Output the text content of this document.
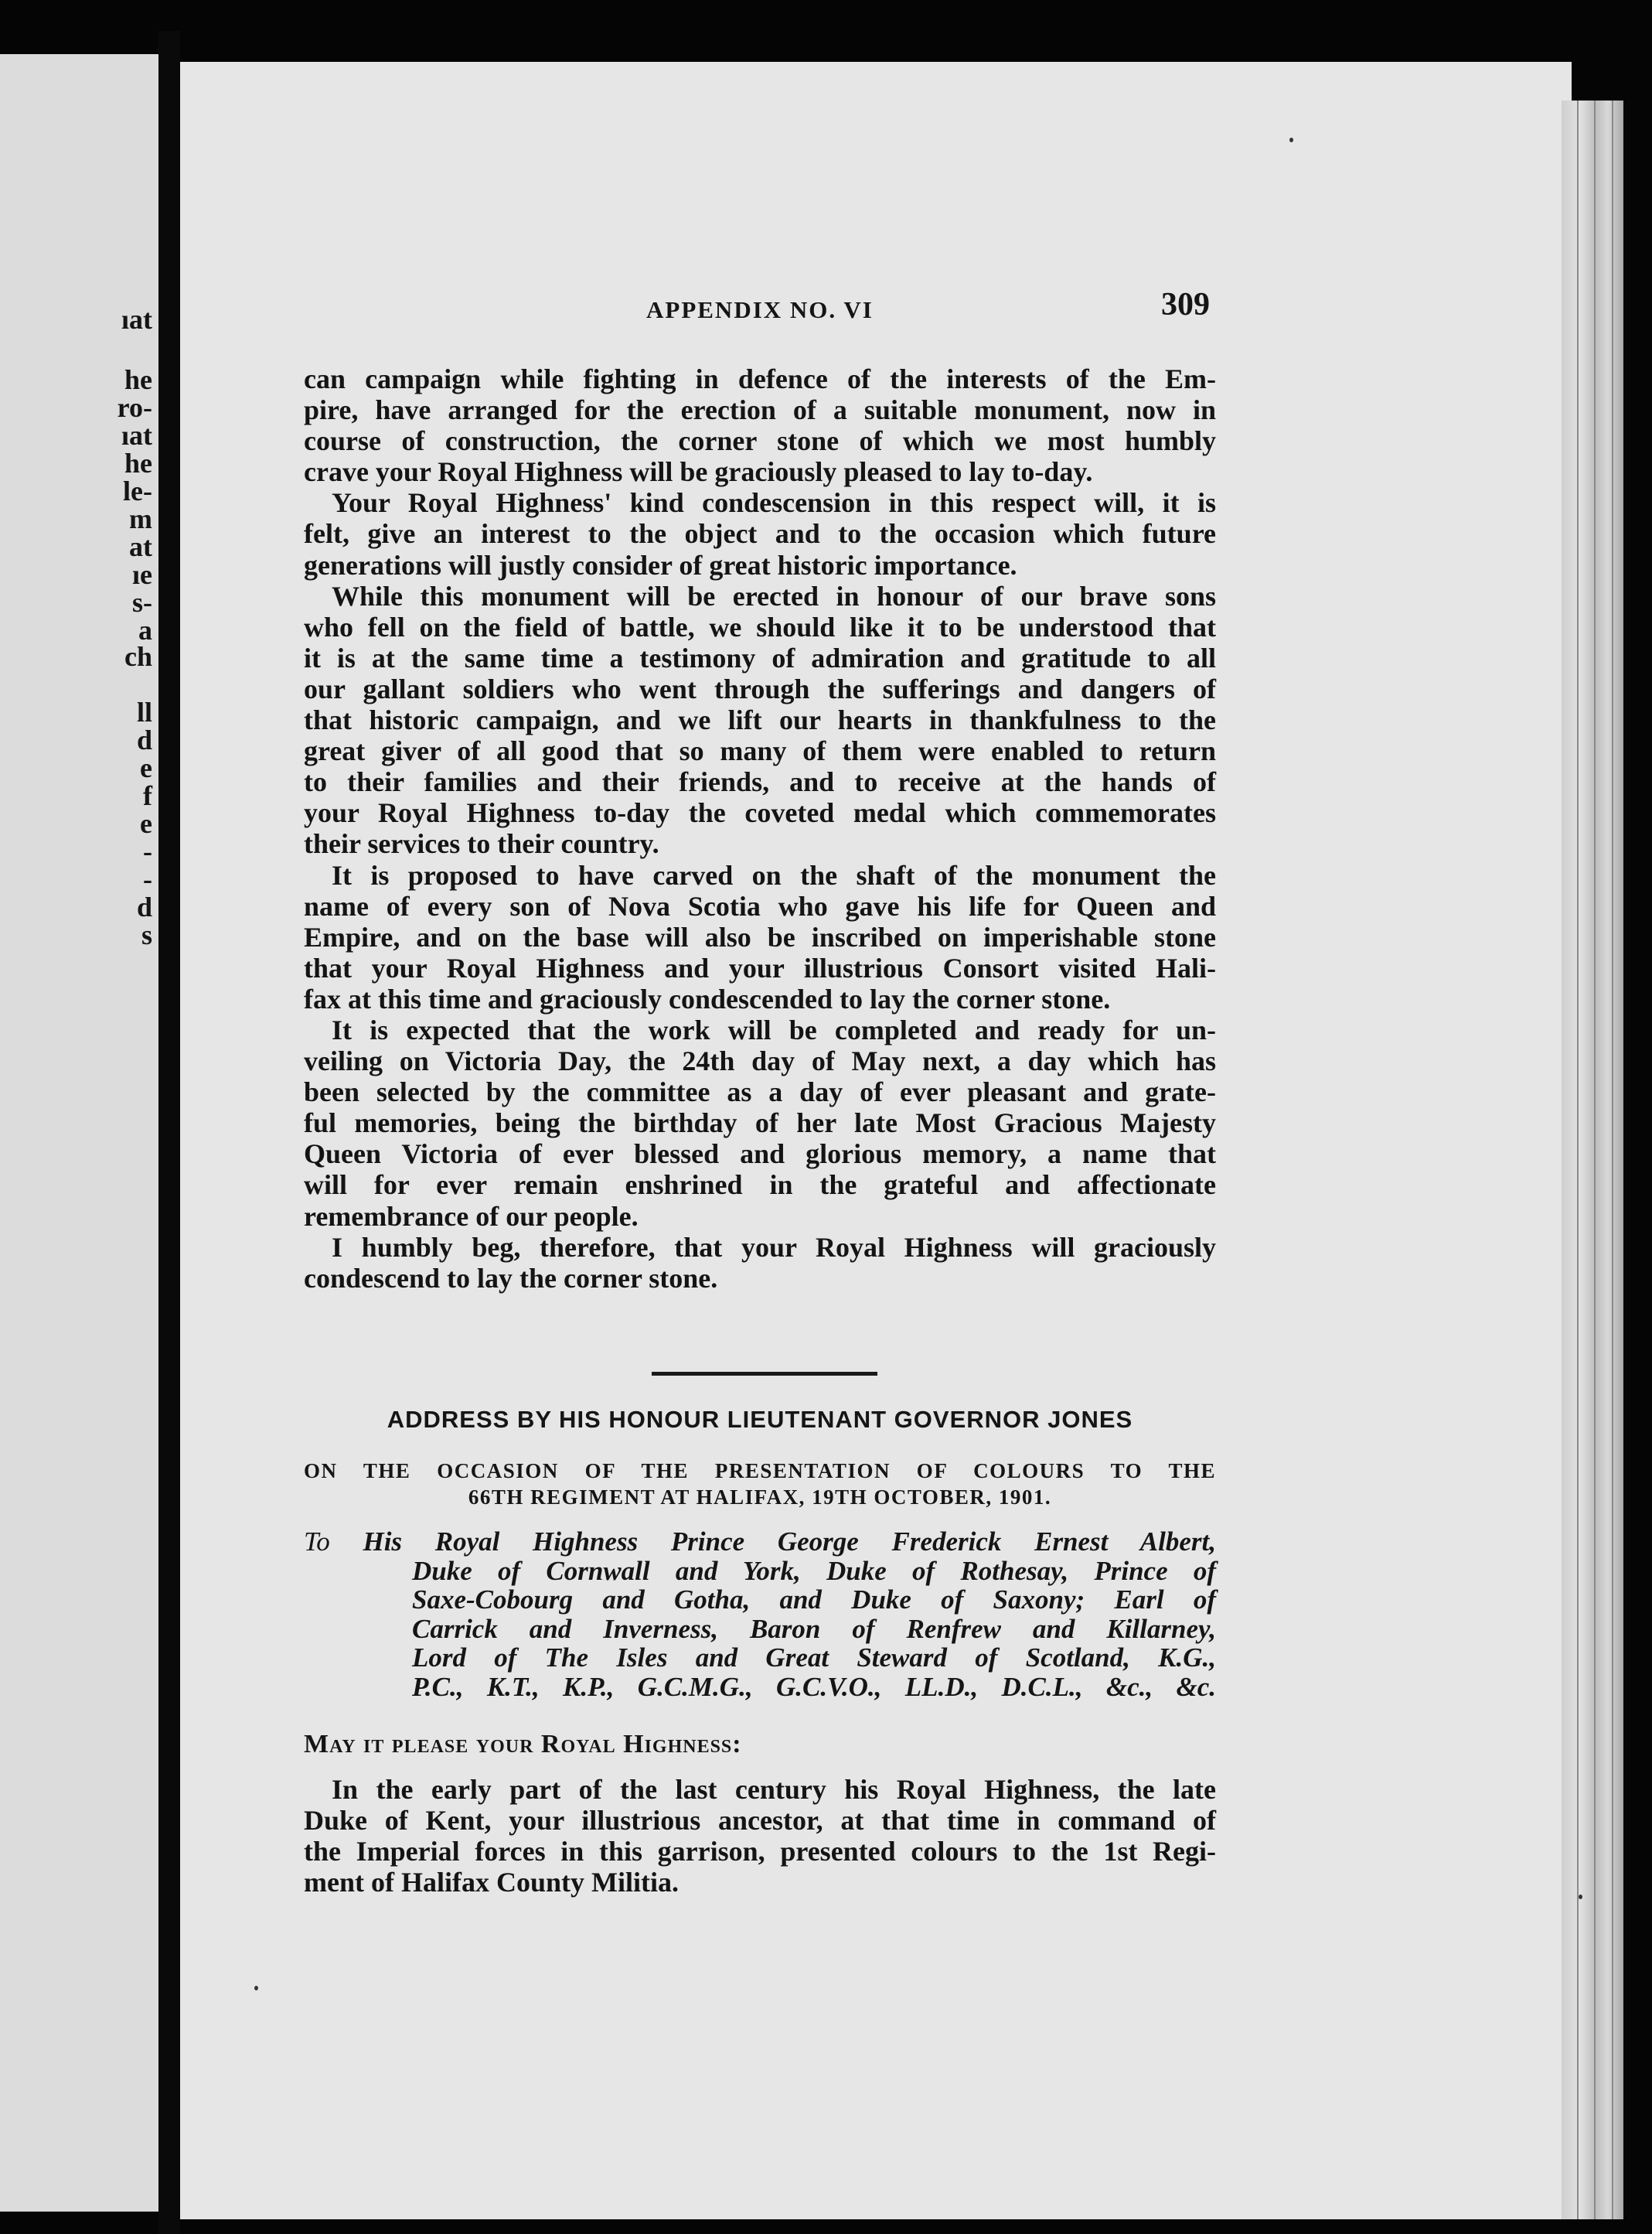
ıat
he
ro-
ıat
he
le-
m
at
ıe
s-
a
ch
ll
d
e
f
e
-
-
d
s
APPENDIX NO. VI	309

can campaign while fighting in defence of the interests of the Em-

pire, have arranged for the erection of a suitable monument, now in

course of construction, the corner stone of which we most humbly

crave your Royal Highness will be graciously pleased to lay to-day.

Your Royal Highness' kind condescension in this respect will, it is

felt, give an interest to the object and to the occasion which future

generations will justly consider of great historic importance.

While this monument will be erected in honour of our brave sons

who fell on the field of battle, we should like it to be understood that

it is at the same time a testimony of admiration and gratitude to all

our gallant soldiers who went through the sufferings and dangers of

that historic campaign, and we lift our hearts in thankfulness to the

great giver of all good that so many of them were enabled to return

to their families and their friends, and to receive at the hands of

your Royal Highness to-day the coveted medal which commemorates

their services to their country.

It is proposed to have carved on the shaft of the monument the

name of every son of Nova Scotia who gave his life for Queen and

Empire, and on the base will also be inscribed on imperishable stone

that your Royal Highness and your illustrious Consort visited Hali-

fax at this time and graciously condescended to lay the corner stone.

It is expected that the work will be completed and ready for un-

veiling on Victoria Day, the 24th day of May next, a day which has

been selected by the committee as a day of ever pleasant and grate-

ful memories, being the birthday of her late Most Gracious Majesty

Queen Victoria of ever blessed and glorious memory, a name that

will for ever remain enshrined in the grateful and affectionate

remembrance of our people.

I humbly beg, therefore, that your Royal Highness will graciously

condescend to lay the corner stone.

ADDRESS BY HIS HONOUR LIEUTENANT GOVERNOR JONES
ON THE OCCASION OF THE PRESENTATION OF COLOURS TO THE
66TH REGIMENT AT HALIFAX, 19TH OCTOBER, 1901.
To His Royal Highness Prince George Frederick Ernest Albert,
Duke of Cornwall and York, Duke of Rothesay, Prince of
Saxe-Cobourg and Gotha, and Duke of Saxony; Earl of
Carrick and Inverness, Baron of Renfrew and Killarney,
Lord of The Isles and Great Steward of Scotland, K.G.,
P.C., K.T., K.P., G.C.M.G., G.C.V.O., LL.D., D.C.L., &c., &c.
May it please your Royal Highness:

In the early part of the last century his Royal Highness, the late

Duke of Kent, your illustrious ancestor, at that time in command of

the Imperial forces in this garrison, presented colours to the 1st Regi-

ment of Halifax County Militia.
